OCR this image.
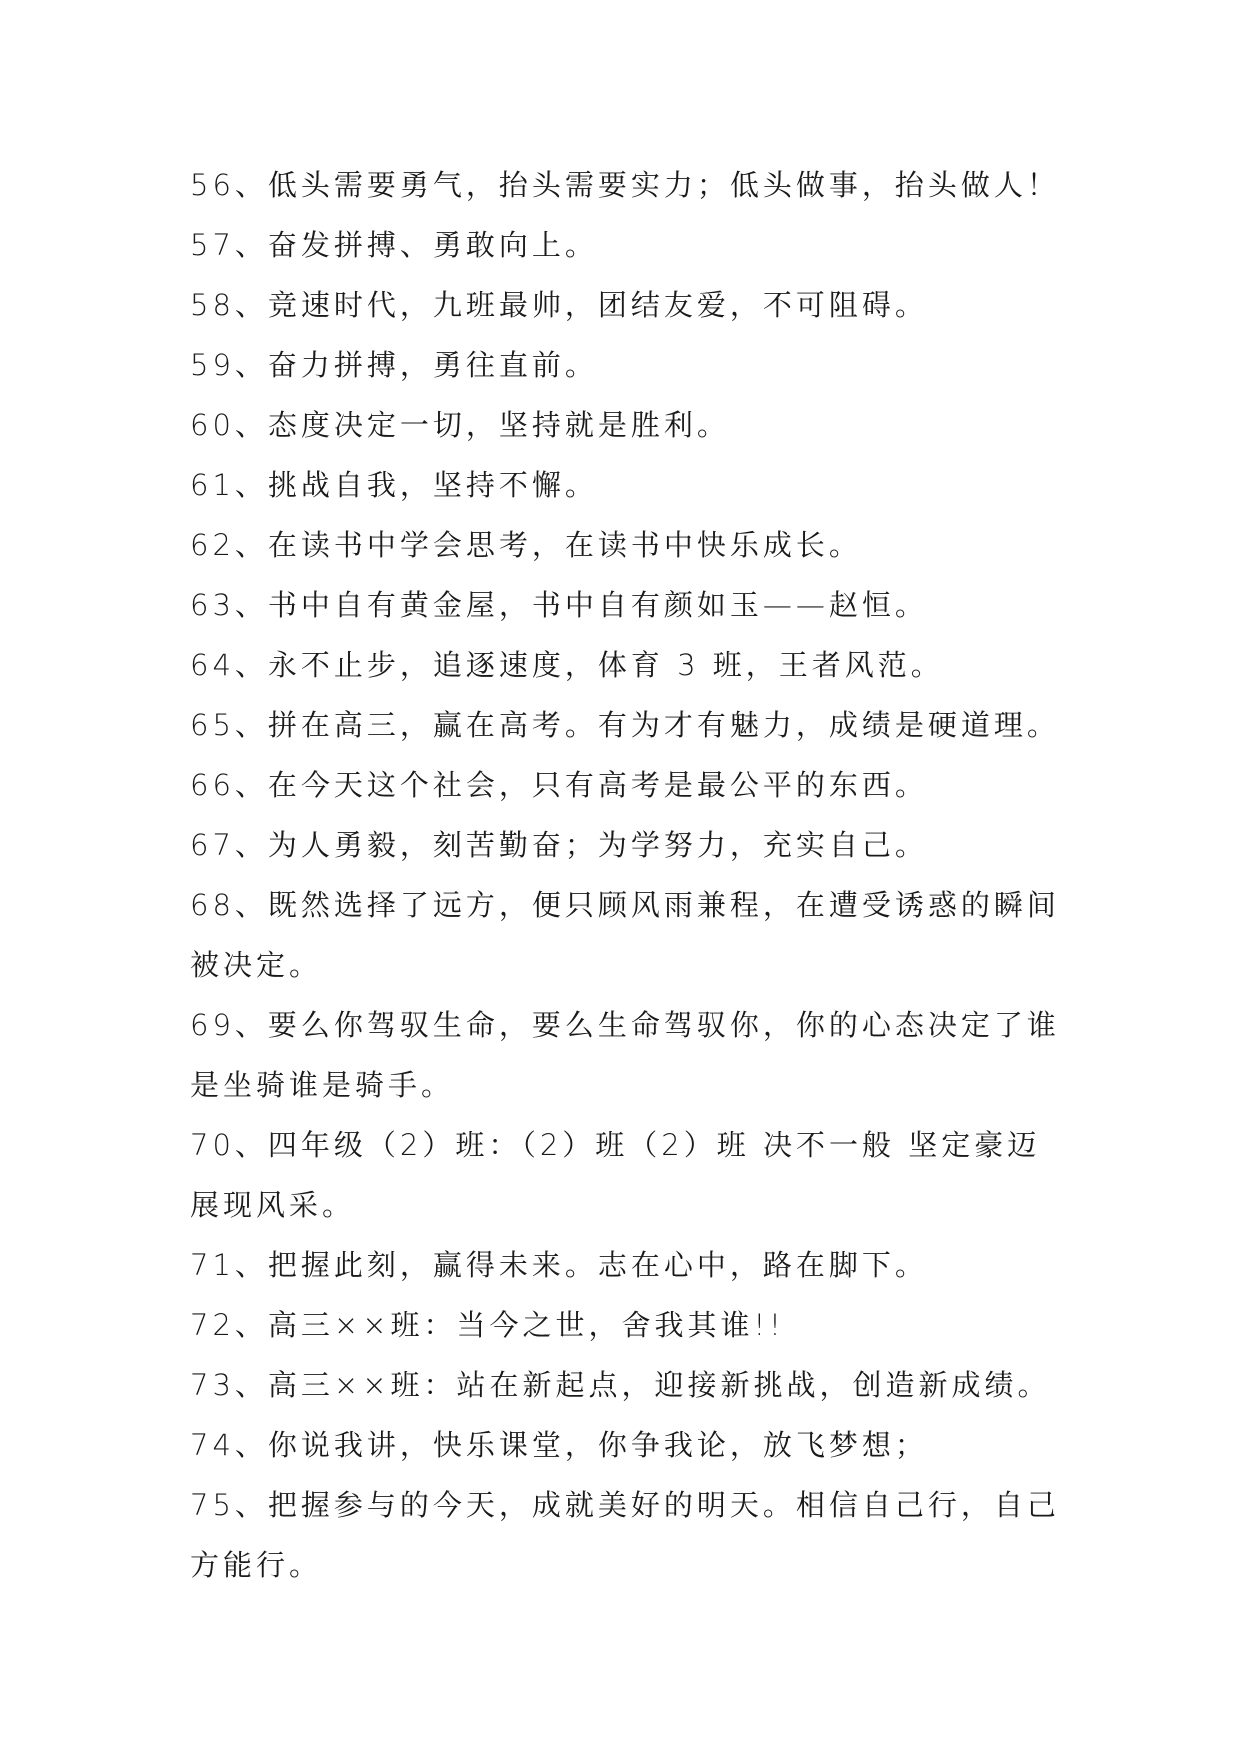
56、低头需要勇气，抬头需要实力；低头做事，抬头做人！
57、奋发拼搏、勇敢向上。
58、竞速时代，九班最帅，团结友爱，不可阻碍。
59、奋力拼搏，勇往直前。
60、态度决定一切，坚持就是胜利。
61、挑战自我，坚持不懈。
62、在读书中学会思考，在读书中快乐成长。
63、书中自有黄金屋，书中自有颜如玉——赵恒。
64、永不止步，追逐速度，体育 3 班，王者风范。
65、拼在高三，赢在高考。有为才有魅力，成绩是硬道理。
66、在今天这个社会，只有高考是最公平的东西。
67、为人勇毅，刻苦勤奋；为学努力，充实自己。
68、既然选择了远方，便只顾风雨兼程，在遭受诱惑的瞬间
被决定。
69、要么你驾驭生命，要么生命驾驭你，你的心态决定了谁
是坐骑谁是骑手。
70、四年级（2）班：（2）班（2）班 决不一般 坚定豪迈
展现风采。
71、把握此刻，赢得未来。志在心中，路在脚下。
72、高三××班：当今之世，舍我其谁!!
73、高三××班：站在新起点，迎接新挑战，创造新成绩。
74、你说我讲，快乐课堂，你争我论，放飞梦想；
75、把握参与的今天，成就美好的明天。相信自己行，自己
方能行。
